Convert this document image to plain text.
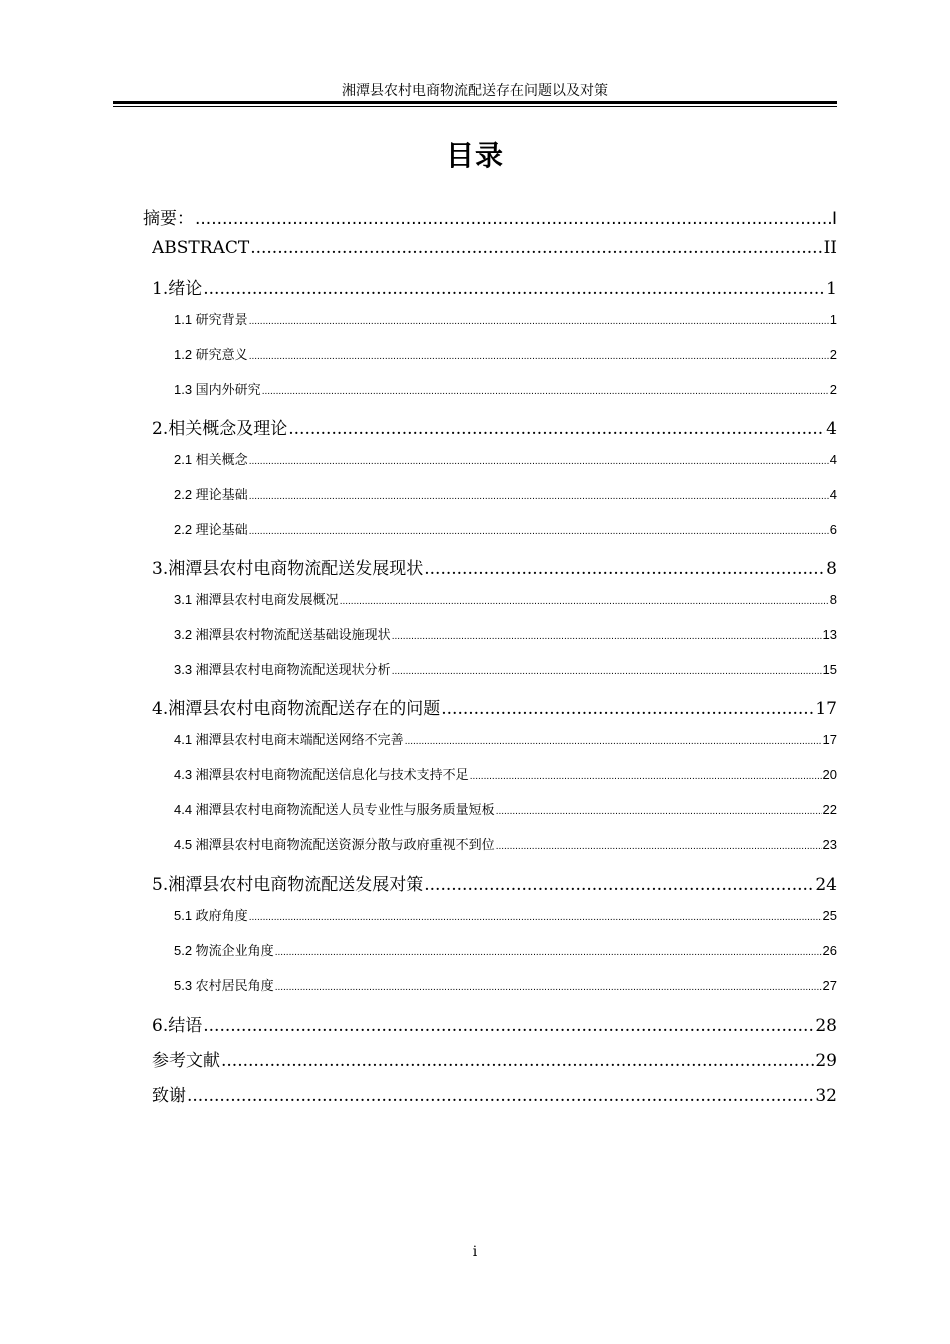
湘潭县农村电商物流配送存在问题以及对策
目录
摘要： .....	I
ABSTRACT .....	II
1.绪论 .....	1
1.1 研究背景 .....	1
1.2 研究意义 .....	2
1.3 国内外研究 .....	2
2.相关概念及理论 .....	4
2.1 相关概念 .....	4
2.2 理论基础 .....	4
2.2 理论基础 .....	6
3.湘潭县农村电商物流配送发展现状 .....	8
3.1 湘潭县农村电商发展概况 .....	8
3.2 湘潭县农村物流配送基础设施现状 .....	13
3.3 湘潭县农村电商物流配送现状分析 .....	15
4.湘潭县农村电商物流配送存在的问题 .....	17
4.1 湘潭县农村电商末端配送网络不完善 .....	17
4.3 湘潭县农村电商物流配送信息化与技术支持不足 .....	20
4.4 湘潭县农村电商物流配送人员专业性与服务质量短板 .....	22
4.5 湘潭县农村电商物流配送资源分散与政府重视不到位 .....	23
5.湘潭县农村电商物流配送发展对策 .....	24
5.1 政府角度 .....	25
5.2 物流企业角度 .....	26
5.3 农村居民角度 .....	27
6.结语 .....	28
参考文献 .....	29
致谢 .....	32
i
